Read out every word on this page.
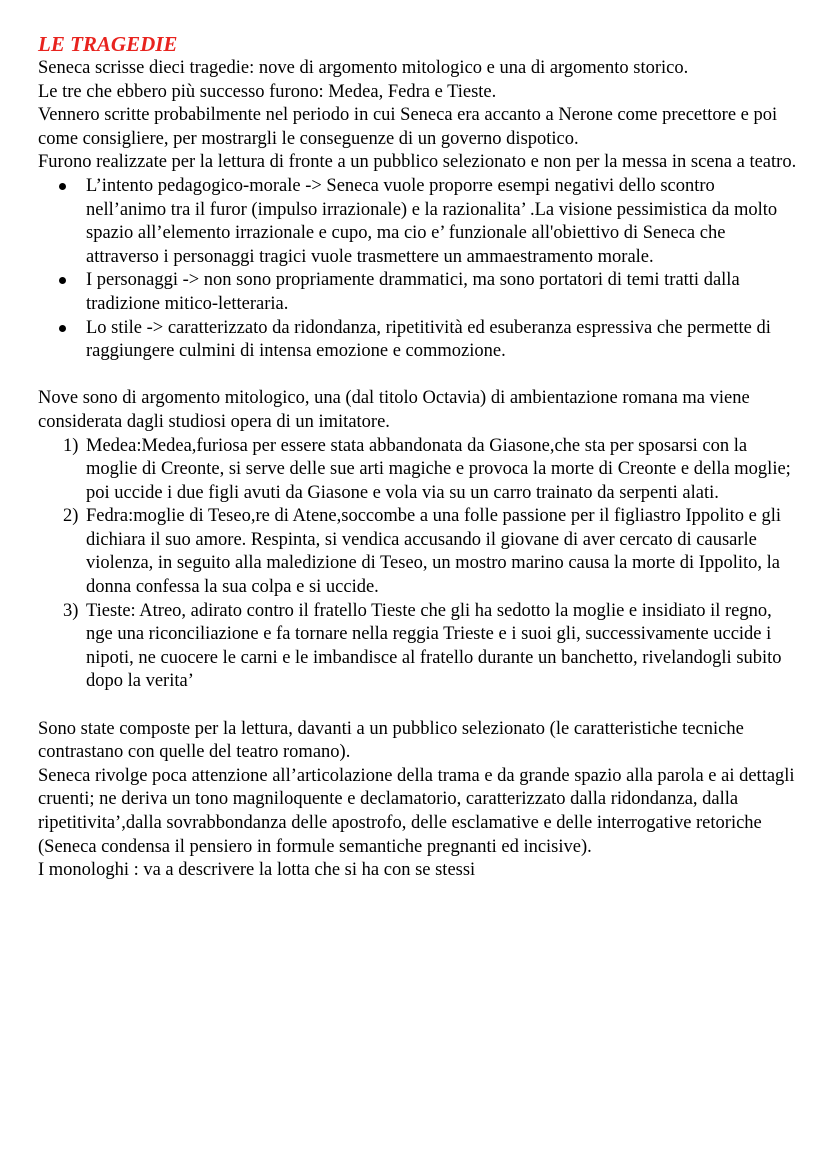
LE TRAGEDIE

Seneca scrisse dieci tragedie: nove di argomento mitologico e una di argomento storico.

Le tre che ebbero più successo furono: Medea, Fedra e Tieste.

Vennero scritte probabilmente nel periodo in cui Seneca era accanto a Nerone come precettore e poi come consigliere, per mostrargli le conseguenze di un governo dispotico.

Furono realizzate per la lettura di fronte a un pubblico selezionato e non per la messa in scena a teatro.

L’intento pedagogico-morale -> Seneca vuole proporre esempi negativi dello scontro nell’animo tra il furor (impulso irrazionale) e la razionalita’ .La visione pessimistica da molto spazio all’elemento irrazionale e cupo, ma cio e’ funzionale all'obiettivo di Seneca che attraverso i personaggi tragici vuole trasmettere un ammaestramento morale.
I personaggi -> non sono propriamente drammatici, ma sono portatori di temi tratti dalla tradizione mitico-letteraria.
Lo stile -> caratterizzato da ridondanza, ripetitività ed esuberanza espressiva che permette di raggiungere culmini di intensa emozione e commozione.

Nove sono di argomento mitologico, una (dal titolo Octavia) di ambientazione romana ma viene considerata dagli studiosi opera di un imitatore.

1) Medea:Medea,furiosa per essere stata abbandonata da Giasone,che sta per sposarsi con la moglie di Creonte, si serve delle sue arti magiche e provoca la morte di Creonte e della moglie; poi uccide i due figli avuti da Giasone e vola via su un carro trainato da serpenti alati.
2) Fedra:moglie di Teseo,re di Atene,soccombe a una folle passione per il figliastro Ippolito e gli dichiara il suo amore. Respinta, si vendica accusando il giovane di aver cercato di causarle violenza, in seguito alla maledizione di Teseo, un mostro marino causa la morte di Ippolito, la donna confessa la sua colpa e si uccide.
3) Tieste: Atreo, adirato contro il fratello Tieste che gli ha sedotto la moglie e insidiato il regno, nge una riconciliazione e fa tornare nella reggia Trieste e i suoi gli, successivamente uccide i nipoti, ne cuocere le carni e le imbandisce al fratello durante un banchetto, rivelandogli subito dopo la verita’

Sono state composte per la lettura, davanti a un pubblico selezionato (le caratteristiche tecniche contrastano con quelle del teatro romano).

Seneca rivolge poca attenzione all’articolazione della trama e da grande spazio alla parola e ai dettagli cruenti; ne deriva un tono magniloquente e declamatorio, caratterizzato dalla ridondanza, dalla ripetitivita’,dalla sovrabbondanza delle apostrofo, delle esclamative e delle interrogative retoriche (Seneca condensa il pensiero in formule semantiche pregnanti ed incisive).

I monologhi : va a descrivere la lotta che si ha con se stessi
